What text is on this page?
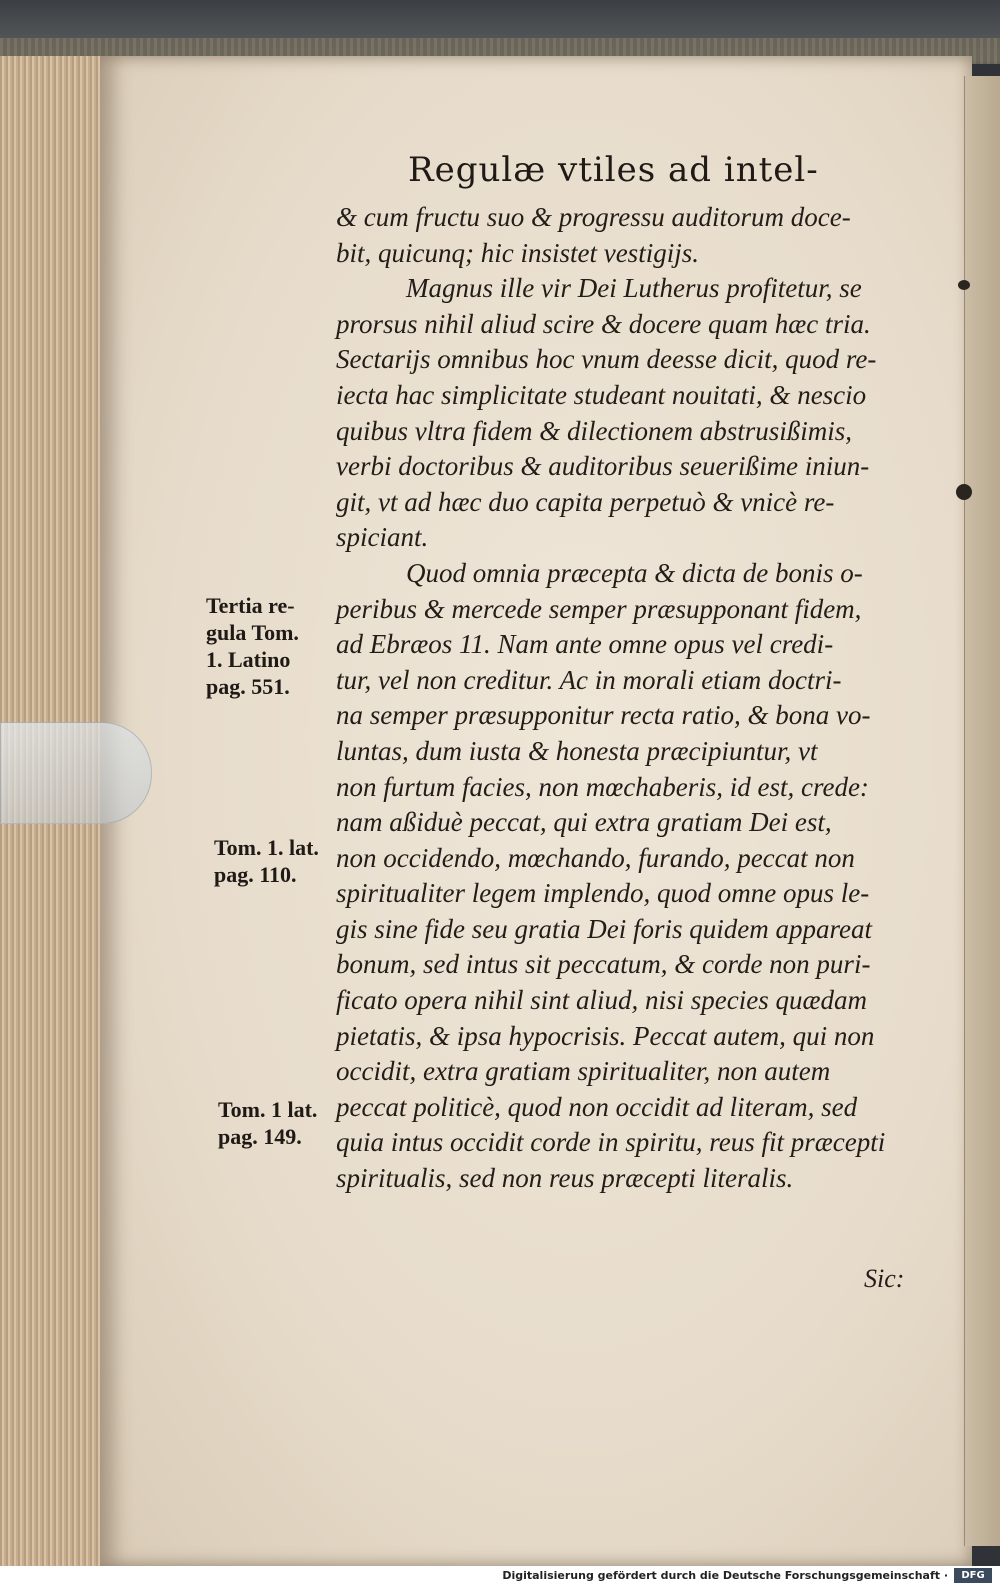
Regulæ vtiles ad intel-
& cum fructu suo & progressu auditorum doce-
bit, quicunq; hic insistet vestigijs.
Magnus ille vir Dei Lutherus profitetur, se
prorsus nihil aliud scire & docere quam hæc tria.
Sectarijs omnibus hoc vnum deesse dicit, quod re-
iecta hac simplicitate studeant nouitati, & nescio
quibus vltra fidem & dilectionem abstrusißimis,
verbi doctoribus & auditoribus seuerißime iniun-
git, vt ad hæc duo capita perpetuò & vnicè re-
spiciant.
Quod omnia præcepta & dicta de bonis o-
peribus & mercede semper præsupponant fidem,
ad Ebræos 11. Nam ante omne opus vel credi-
tur, vel non creditur. Ac in morali etiam doctri-
na semper præsupponitur recta ratio, & bona vo-
luntas, dum iusta & honesta præcipiuntur, vt
non furtum facies, non mœchaberis, id est, crede:
nam aßiduè peccat, qui extra gratiam Dei est,
non occidendo, mœchando, furando, peccat non
spiritualiter legem implendo, quod omne opus le-
gis sine fide seu gratia Dei foris quidem appareat
bonum, sed intus sit peccatum, & corde non puri-
ficato opera nihil sint aliud, nisi species quædam
pietatis, & ipsa hypocrisis. Peccat autem, qui non
occidit, extra gratiam spiritualiter, non autem
peccat politicè, quod non occidit ad literam, sed
quia intus occidit corde in spiritu, reus fit præcepti
spiritualis, sed non reus præcepti literalis.
Tertia re-
gula Tom.
1. Latino
pag. 551.
Tom. 1. lat.
pag. 110.
Tom. 1 lat.
pag. 149.
Sic:
Digitalisierung gefördert durch die Deutsche Forschungsgemeinschaft ·	DFG
